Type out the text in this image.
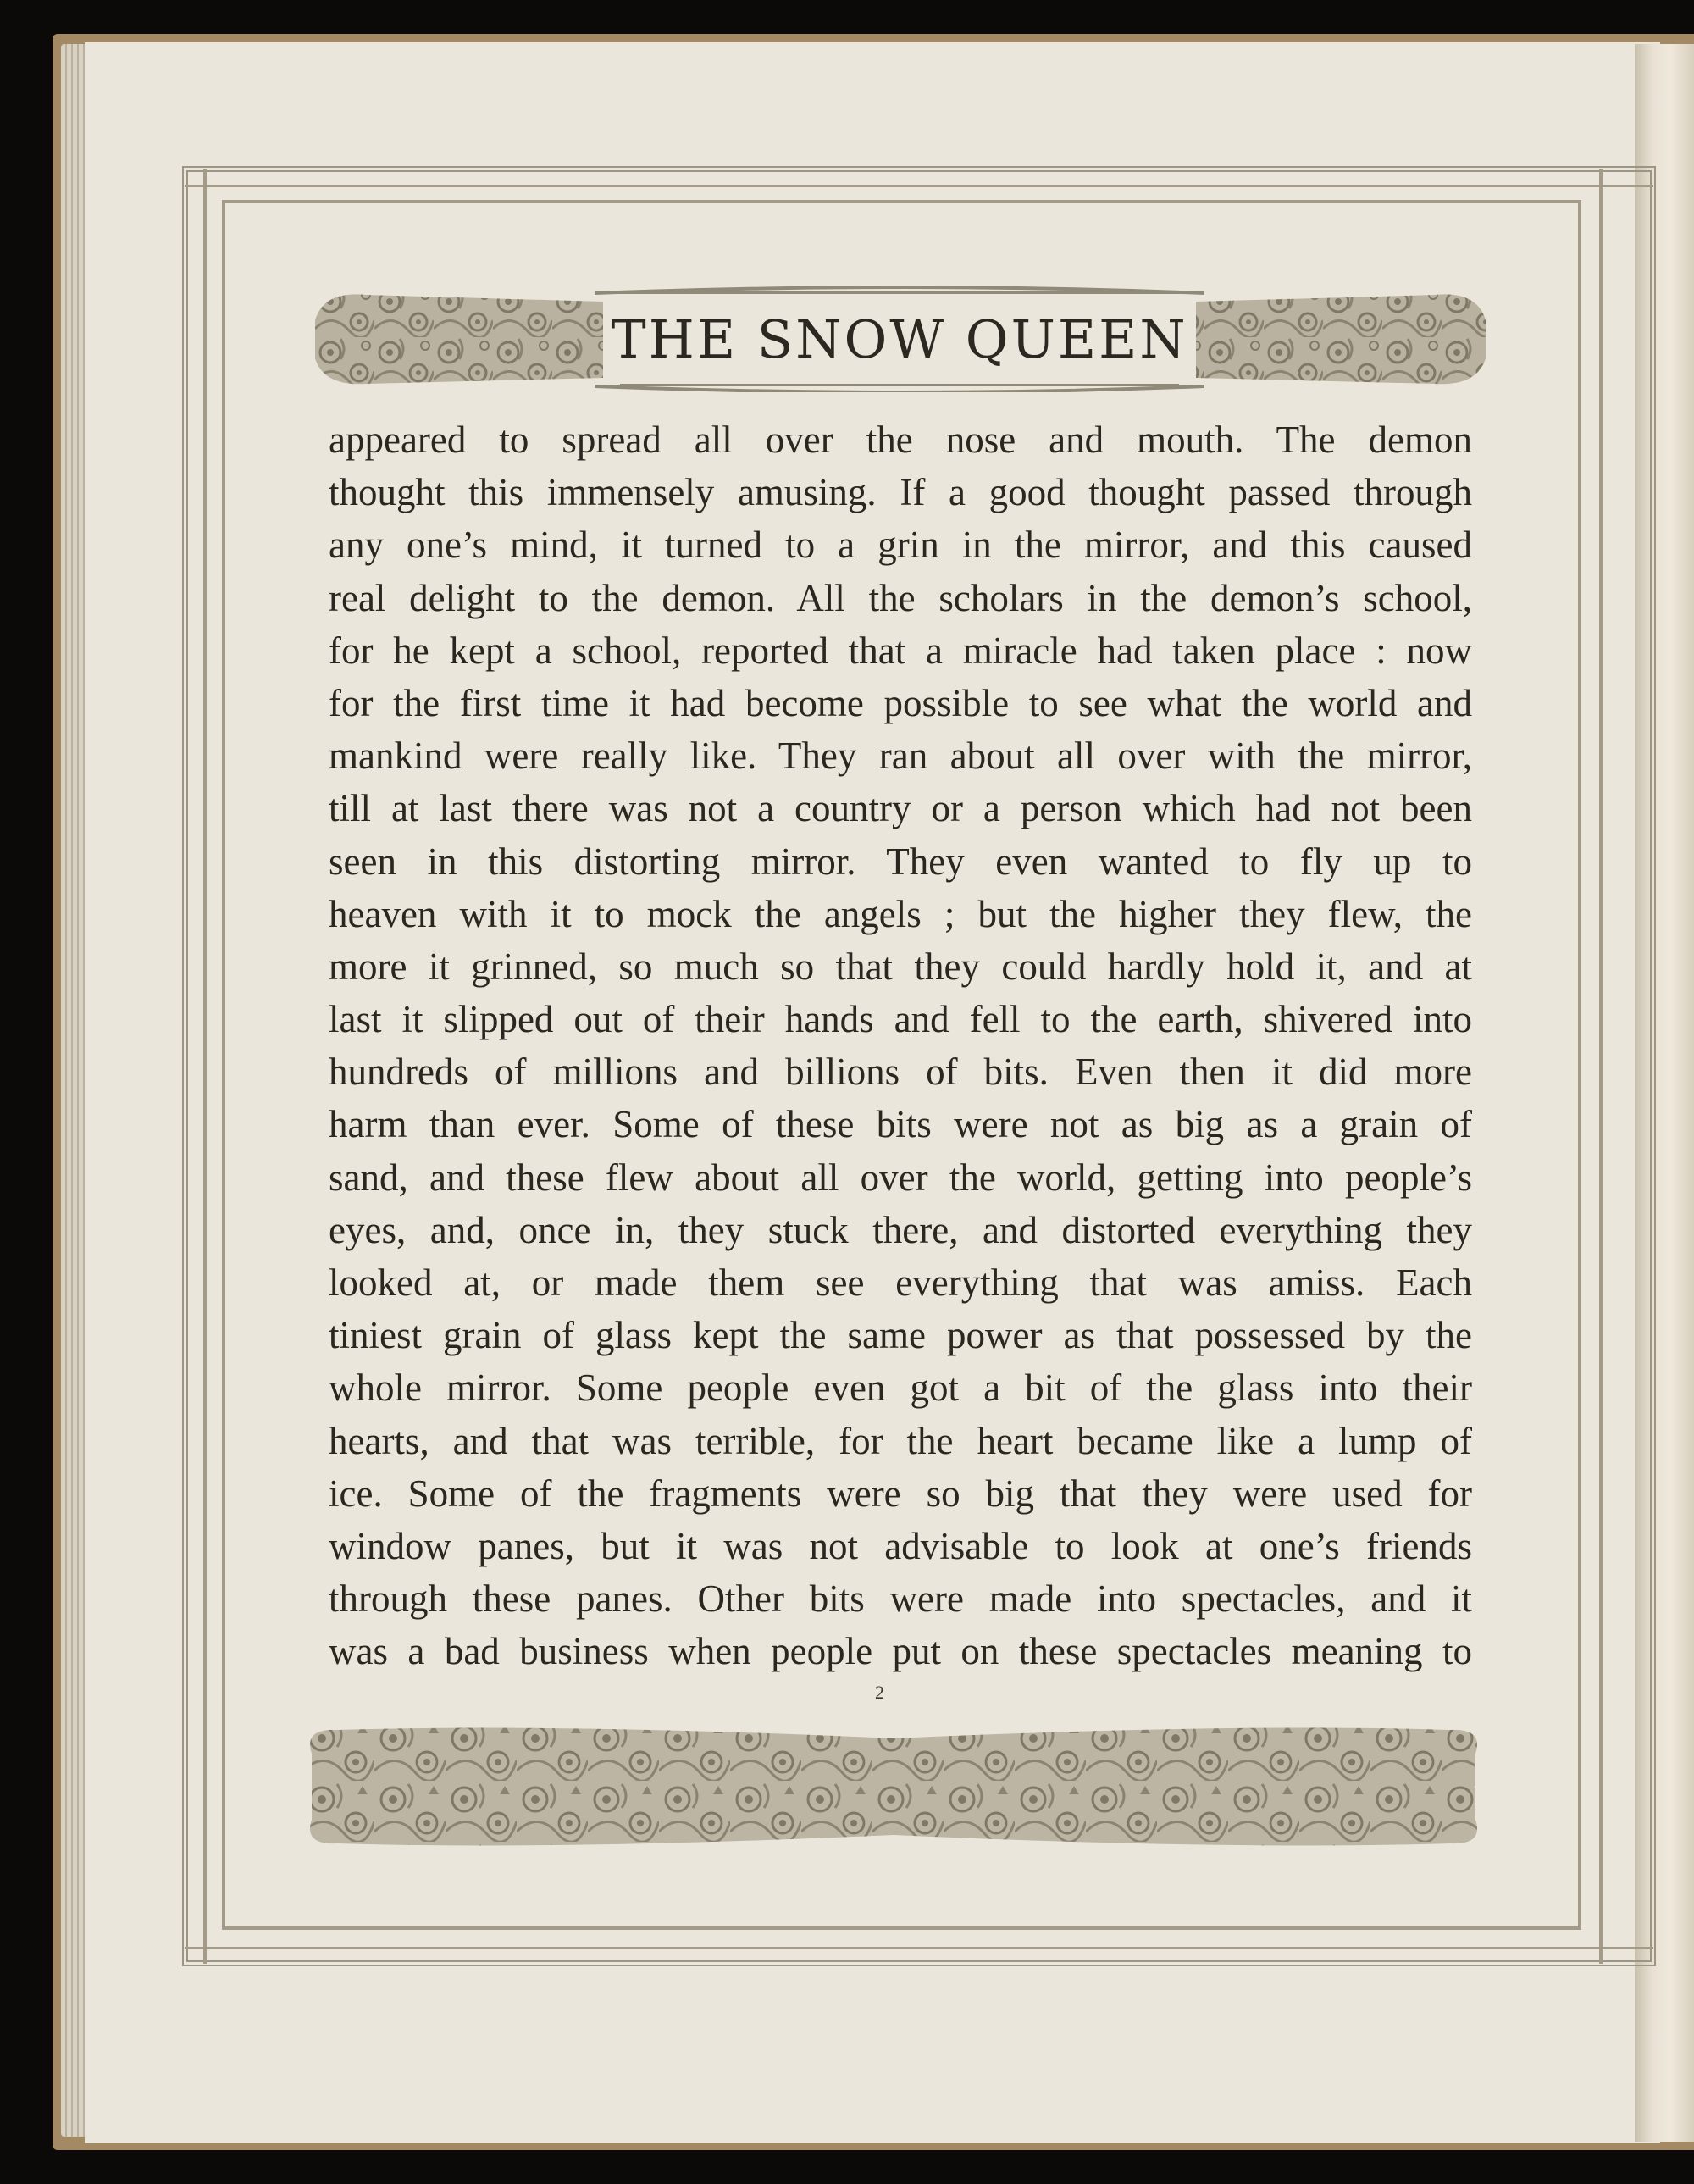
THE SNOW QUEEN
appeared to spread all over the nose and mouth. The demon
thought this immensely amusing. If a good thought passed through
any one’s mind, it turned to a grin in the mirror, and this caused
real delight to the demon. All the scholars in the demon’s school,
for he kept a school, reported that a miracle had taken place : now
for the first time it had become possible to see what the world and
mankind were really like. They ran about all over with the mirror,
till at last there was not a country or a person which had not been
seen in this distorting mirror. They even wanted to fly up to
heaven with it to mock the angels ; but the higher they flew, the
more it grinned, so much so that they could hardly hold it, and at
last it slipped out of their hands and fell to the earth, shivered into
hundreds of millions and billions of bits. Even then it did more
harm than ever. Some of these bits were not as big as a grain of
sand, and these flew about all over the world, getting into people’s
eyes, and, once in, they stuck there, and distorted everything they
looked at, or made them see everything that was amiss. Each
tiniest grain of glass kept the same power as that possessed by the
whole mirror. Some people even got a bit of the glass into their
hearts, and that was terrible, for the heart became like a lump of
ice. Some of the fragments were so big that they were used for
window panes, but it was not advisable to look at one’s friends
through these panes. Other bits were made into spectacles, and it
was a bad business when people put on these spectacles meaning to
2
